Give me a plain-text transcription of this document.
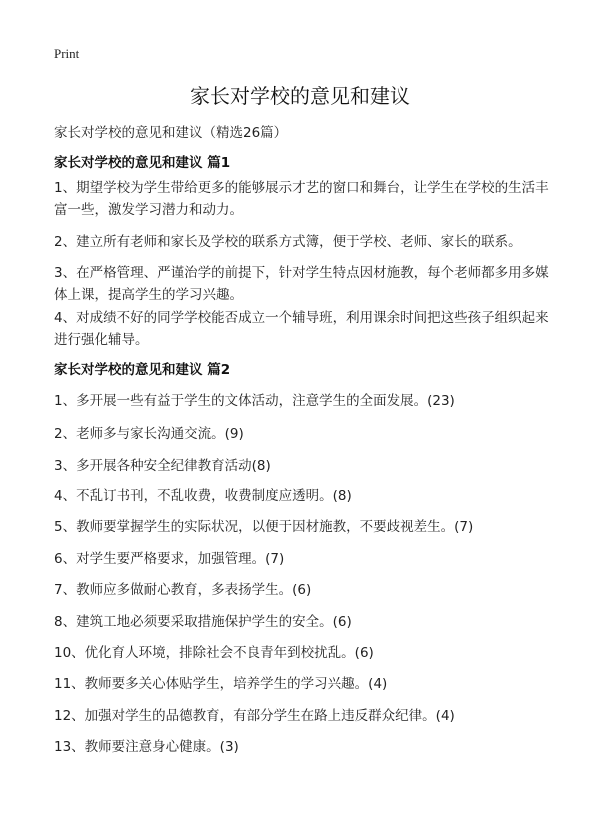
Print
家长对学校的意见和建议
家长对学校的意见和建议（精选26篇）
家长对学校的意见和建议 篇1
1、期望学校为学生带给更多的能够展示才艺的窗口和舞台，让学生在学校的生活丰富一些，激发学习潜力和动力。
2、建立所有老师和家长及学校的联系方式簿，便于学校、老师、家长的联系。
3、在严格管理、严谨治学的前提下，针对学生特点因材施教，每个老师都多用多媒体上课，提高学生的学习兴趣。
4、对成绩不好的同学学校能否成立一个辅导班，利用课余时间把这些孩子组织起来进行强化辅导。
家长对学校的意见和建议 篇2
1、多开展一些有益于学生的文体活动，注意学生的全面发展。(23)
2、老师多与家长沟通交流。(9)
3、多开展各种安全纪律教育活动(8)
4、不乱订书刊，不乱收费，收费制度应透明。(8)
5、教师要掌握学生的实际状况，以便于因材施教，不要歧视差生。(7)
6、对学生要严格要求，加强管理。(7)
7、教师应多做耐心教育，多表扬学生。(6)
8、建筑工地必须要采取措施保护学生的安全。(6)
10、优化育人环境，排除社会不良青年到校扰乱。(6)
11、教师要多关心体贴学生，培养学生的学习兴趣。(4)
12、加强对学生的品德教育，有部分学生在路上违反群众纪律。(4)
13、教师要注意身心健康。(3)
